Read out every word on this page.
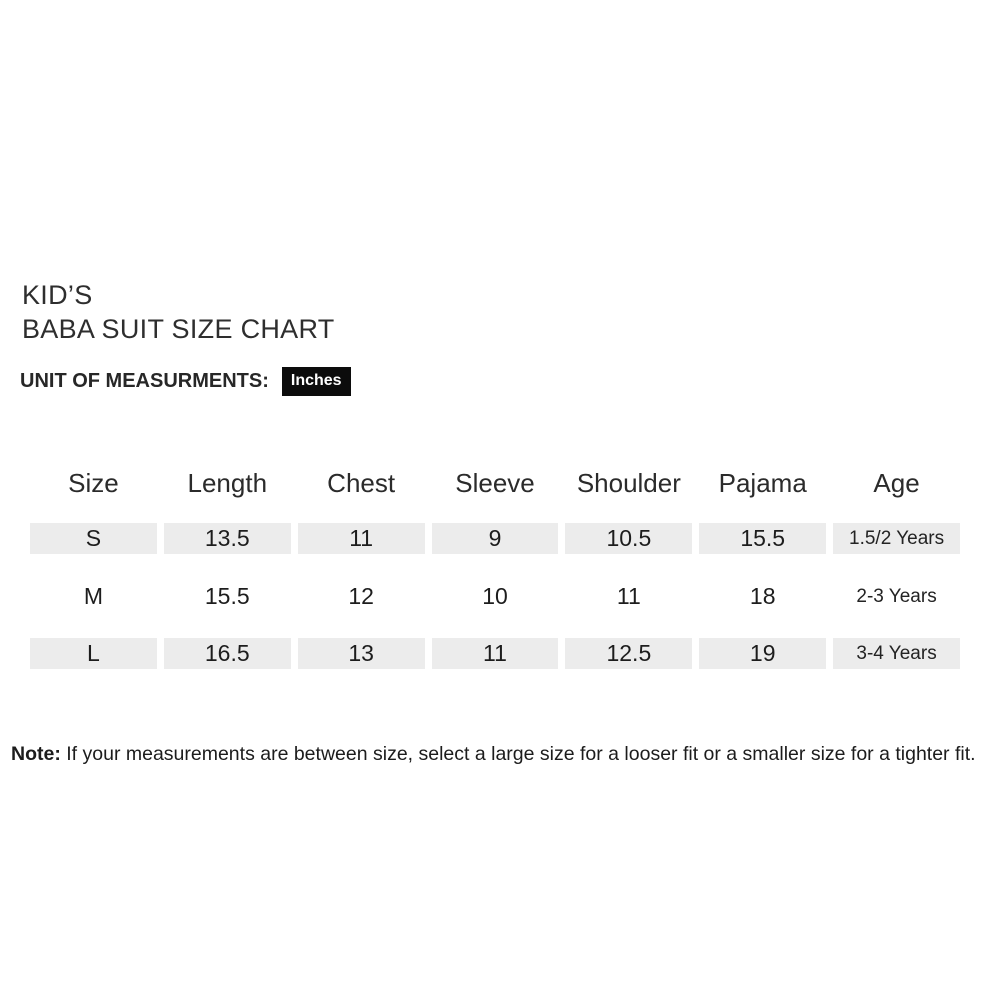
KID’S
BABA SUIT SIZE CHART
UNIT OF MEASURMENTS:	Inches
Size	Length	Chest	Sleeve	Shoulder	Pajama	Age
S	13.5	11	9	10.5	15.5	1.5/2 Years
M	15.5	12	10	11	18	2-3 Years
L	16.5	13	11	12.5	19	3-4 Years
Note: If your measurements are between size, select a large size for a looser fit or a smaller size for a tighter fit.
